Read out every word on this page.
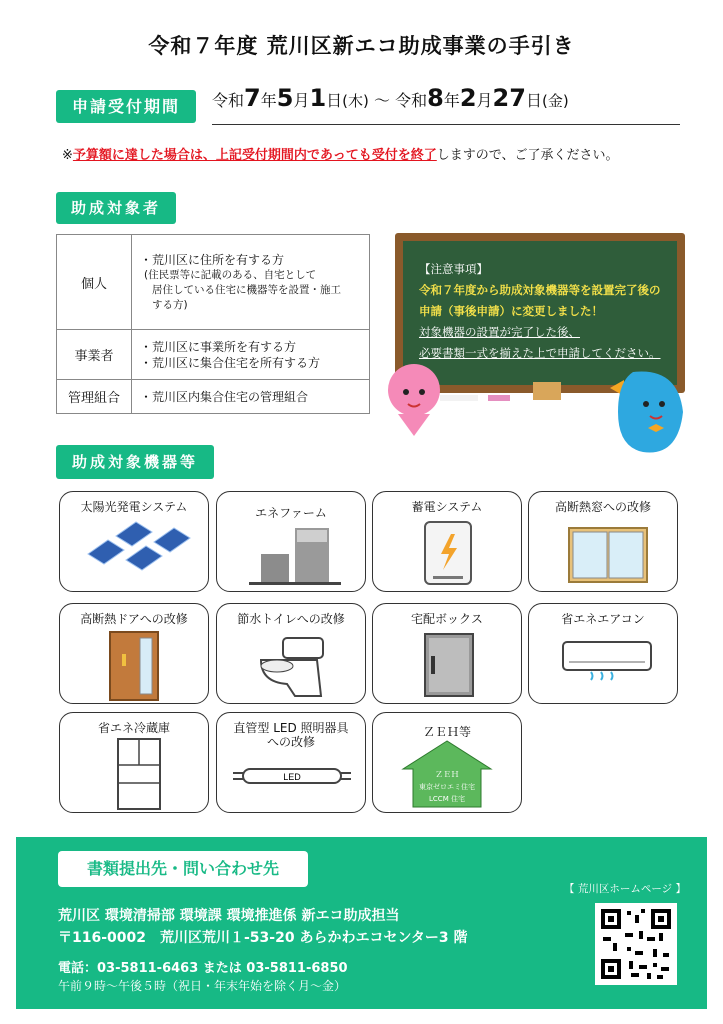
令和７年度 荒川区新エコ助成事業の手引き
申請受付期間	令和7年5月1日(木) ～ 令和8年2月27日(金)
※予算額に達した場合は、上記受付期間内であっても受付を終了しますので、ご了承ください。
助成対象者
個人	・荒川区に住所を有する方
(住民票等に記載のある、自宅として
居住している住宅に機器等を設置・施工
する方)

事業者	・荒川区に事業所を有する方
・荒川区に集合住宅を所有する方

管理組合	・荒川区内集合住宅の管理組合
【注意事項】
令和７年度から助成対象機器等を設置完了後の
申請（事後申請）に変更しました！
対象機器の設置が完了した後、
必要書類一式を揃えた上で申請してください。
助成対象機器等
太陽光発電システム	エネファーム	蓄電システム	高断熱窓への改修
高断熱ドアへの改修	節水トイレへの改修	宅配ボックス	省エネエアコン
省エネ冷蔵庫	直管型 LED 照明器具
への改修
LED
ＺＥＨ等
ＺＥＨ
東京ゼロエミ住宅
LCCM 住宅
書類提出先・問い合わせ先
【 荒川区ホームページ 】
荒川区 環境清掃部 環境課 環境推進係 新エコ助成担当
〒116-0002　荒川区荒川１-53-20 あらかわエコセンター3 階
電話：03-5811-6463 または 03-5811-6850
午前９時～午後５時（祝日・年末年始を除く月～金）
